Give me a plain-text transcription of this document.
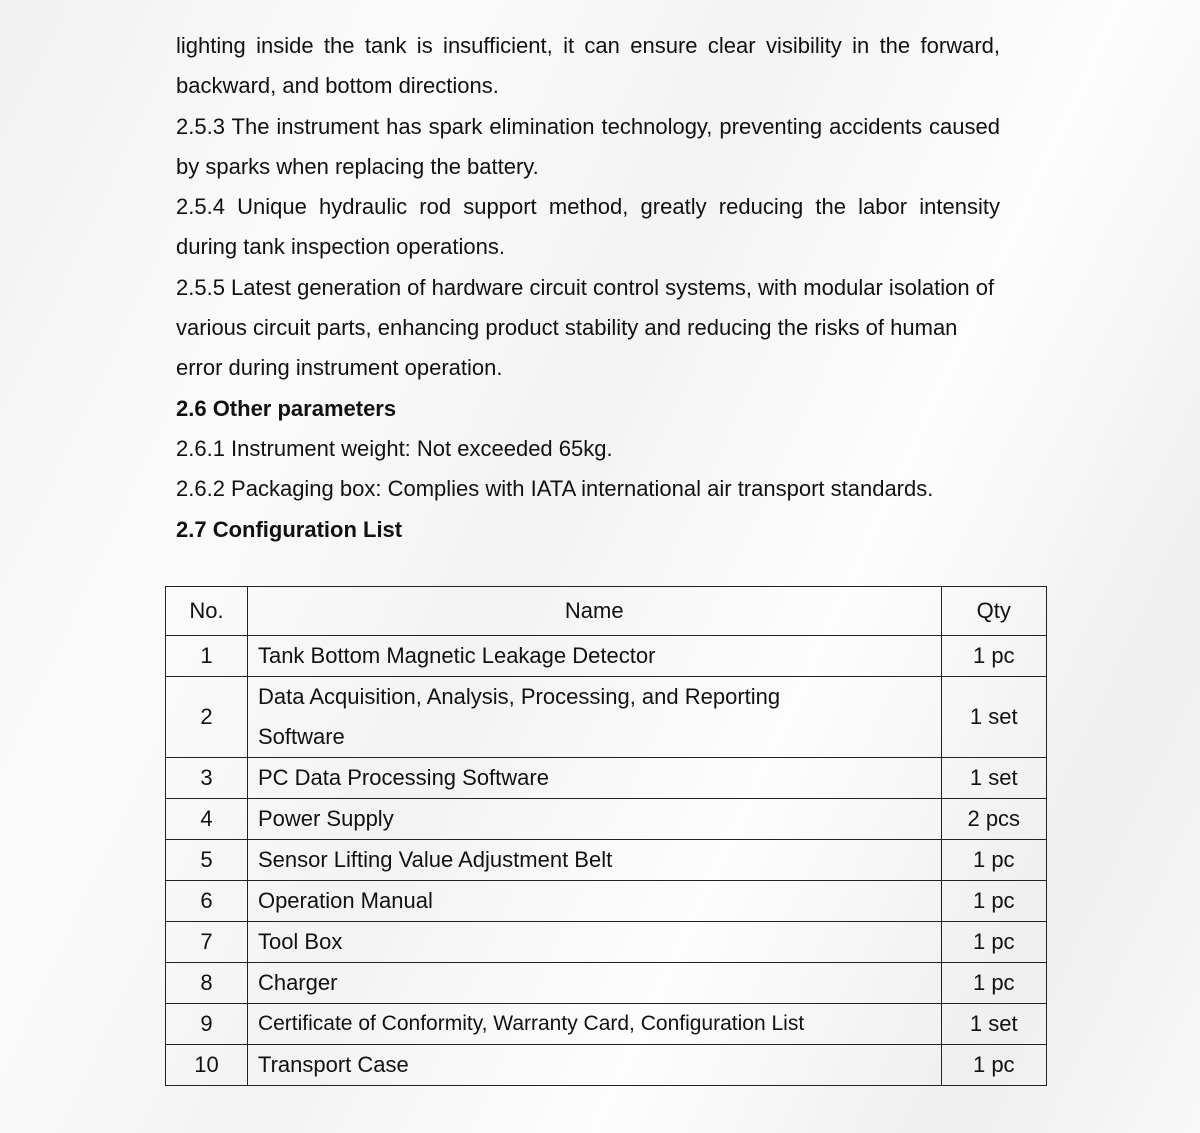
lighting inside the tank is insufficient, it can ensure clear visibility in the forward, backward, and bottom directions.

2.5.3 The instrument has spark elimination technology, preventing accidents caused by sparks when replacing the battery.

2.5.4 Unique hydraulic rod support method, greatly reducing the labor intensity during tank inspection operations.

2.5.5 Latest generation of hardware circuit control systems, with modular isolation of various circuit parts, enhancing product stability and reducing the risks of human error during instrument operation.

2.6 Other parameters

2.6.1 Instrument weight: Not exceeded 65kg.

2.6.2 Packaging box: Complies with IATA international air transport standards.

2.7 Configuration List

No.	Name	Qty
1	Tank Bottom Magnetic Leakage Detector	1 pc
2	Data Acquisition, Analysis, Processing, and Reporting Software	1 set
3	PC Data Processing Software	1 set
4	Power Supply	2 pcs
5	Sensor Lifting Value Adjustment Belt	1 pc
6	Operation Manual	1 pc
7	Tool Box	1 pc
8	Charger	1 pc
9	Certificate of Conformity, Warranty Card, Configuration List	1 set
10	Transport Case	1 pc
